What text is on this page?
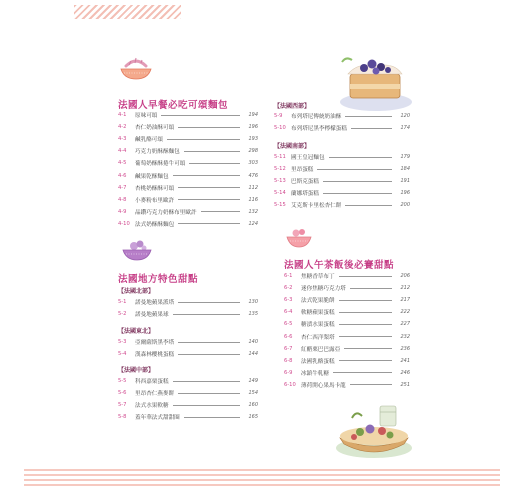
法國人早餐必吃可頌麵包
4-1	原味可頌	194
4-2	杏仁奶油酥可頌	196
4-3	鹹乳酪可頌	193
4-4	巧克力奶酥酥麵包	298
4-5	葡萄奶酥酥捲牛可頌	303
4-6	鹹果乾酥麵包	476
4-7	杏桃奶酥酥可頌	112
4-8	小麥粉布里歐許	116
4-9	晶鑽巧克力奶酥布里歐許	132
4-10 法式奶酥酥麵包	124
法國地方特色甜點
【法國北部】
5-1	諾曼地蘋果派塔	130
5-2	諾曼地蘋果球	135
【法國東北】
5-3	亞爾薩斯黑李塔	140
5-4	漢森林櫻桃蛋糕	144
【法國中部】
5-5	科西嘉栗蛋糕	149
5-6	里昂杏仁燕麥餅	154
5-7	法式水果軟糖	160
5-8	蓋年華法式甜甜圈	165
【法國西部】
5-9	布列塔尼傳統奶油酥	120
5-10 布列塔尼黑李檸檬蛋糕	174
【法國南部】
5-11 國王皇冠麵包	179
5-12 里昂蛋糕	184
5-13 巴斯克蛋糕	191
5-14 蘭娜塔蛋糕	196
5-15 艾克斯卡里松杏仁餅	200
法國人午茶飯後必賽甜點
6-1	焦糖香草布丁	206
6-2	迷你焦糖巧克力塔	212
6-3	法式乾果脆餅	217
6-4	軟糖蘋果蛋糕	222
6-5	糖漬水果蛋糕	227
6-6	杏仁西洋梨塔	232
6-7	紅醋栗巴巴露亞	236
6-8	法國乳酪蛋糕	241
6-9	冰鎮牛軋糖	246
6-10 薄荷開心果馬卡龍	251
